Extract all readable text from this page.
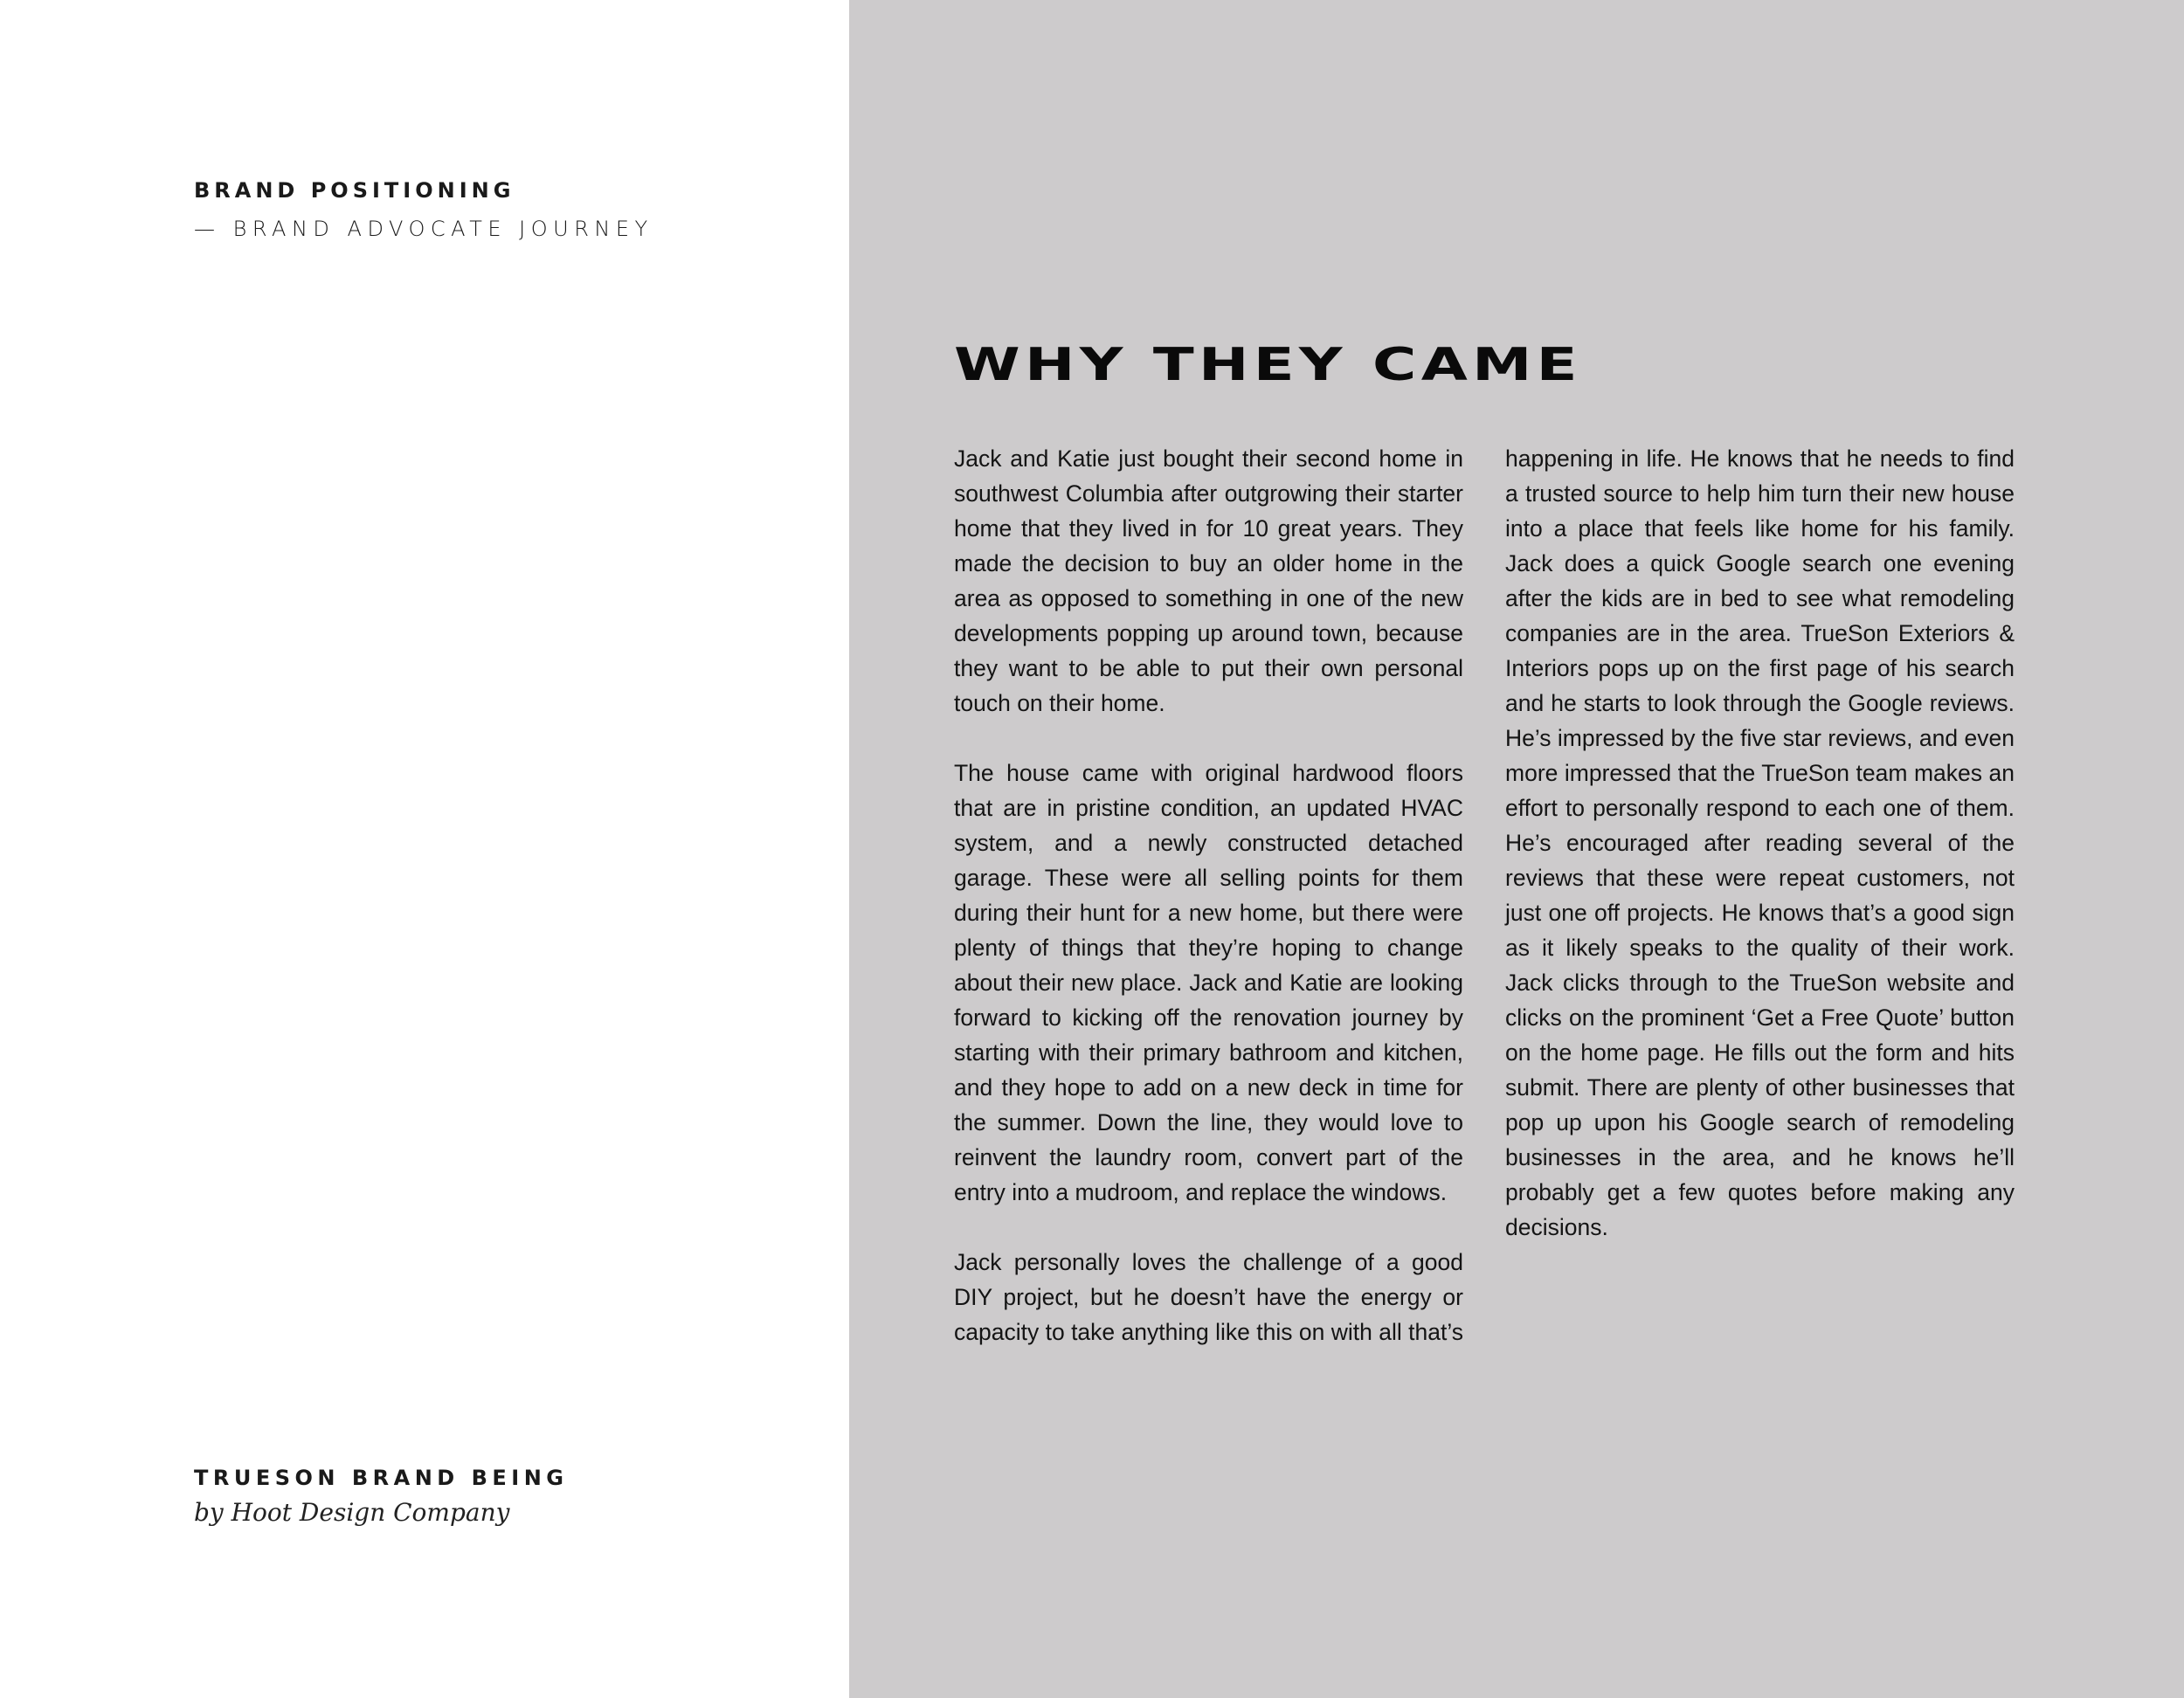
BRAND POSITIONING
— BRAND ADVOCATE JOURNEY
TRUESON BRAND BEING
by Hoot Design Company
WHY THEY CAME

Jack and Katie just bought their second home in southwest Columbia after outgrowing their starter home that they lived in for 10 great years. They made the decision to buy an older home in the area as opposed to something in one of the new developments popping up around town, because they want to be able to put their own personal touch on their home.

The house came with original hardwood floors that are in pristine condition, an updated HVAC system, and a newly constructed detached garage. These were all selling points for them during their hunt for a new home, but there were plenty of things that they’re hoping to change about their new place. Jack and Katie are looking forward to kicking off the renovation journey by starting with their primary bathroom and kitchen, and they hope to add on a new deck in time for the summer. Down the line, they would love to reinvent the laundry room, convert part of the entry into a mudroom, and replace the windows.

Jack personally loves the challenge of a good DIY project, but he doesn’t have the energy or capacity to take anything like this on with all that’s happening in life. He knows that he needs to find a trusted source to help him turn their new house into a place that feels like home for his family. Jack does a quick Google search one evening after the kids are in bed to see what remodeling companies are in the area. TrueSon Exteriors & Interiors pops up on the first page of his search and he starts to look through the Google reviews. He’s impressed by the five star reviews, and even more impressed that the TrueSon team makes an effort to personally respond to each one of them. He’s encouraged after reading several of the reviews that these were repeat customers, not just one off projects. He knows that’s a good sign as it likely speaks to the quality of their work. Jack clicks through to the TrueSon website and clicks on the prominent ‘Get a Free Quote’ button on the home page. He fills out the form and hits submit. There are plenty of other businesses that pop up upon his Google search of remodeling businesses in the area, and he knows he’ll probably get a few quotes before making any decisions.
